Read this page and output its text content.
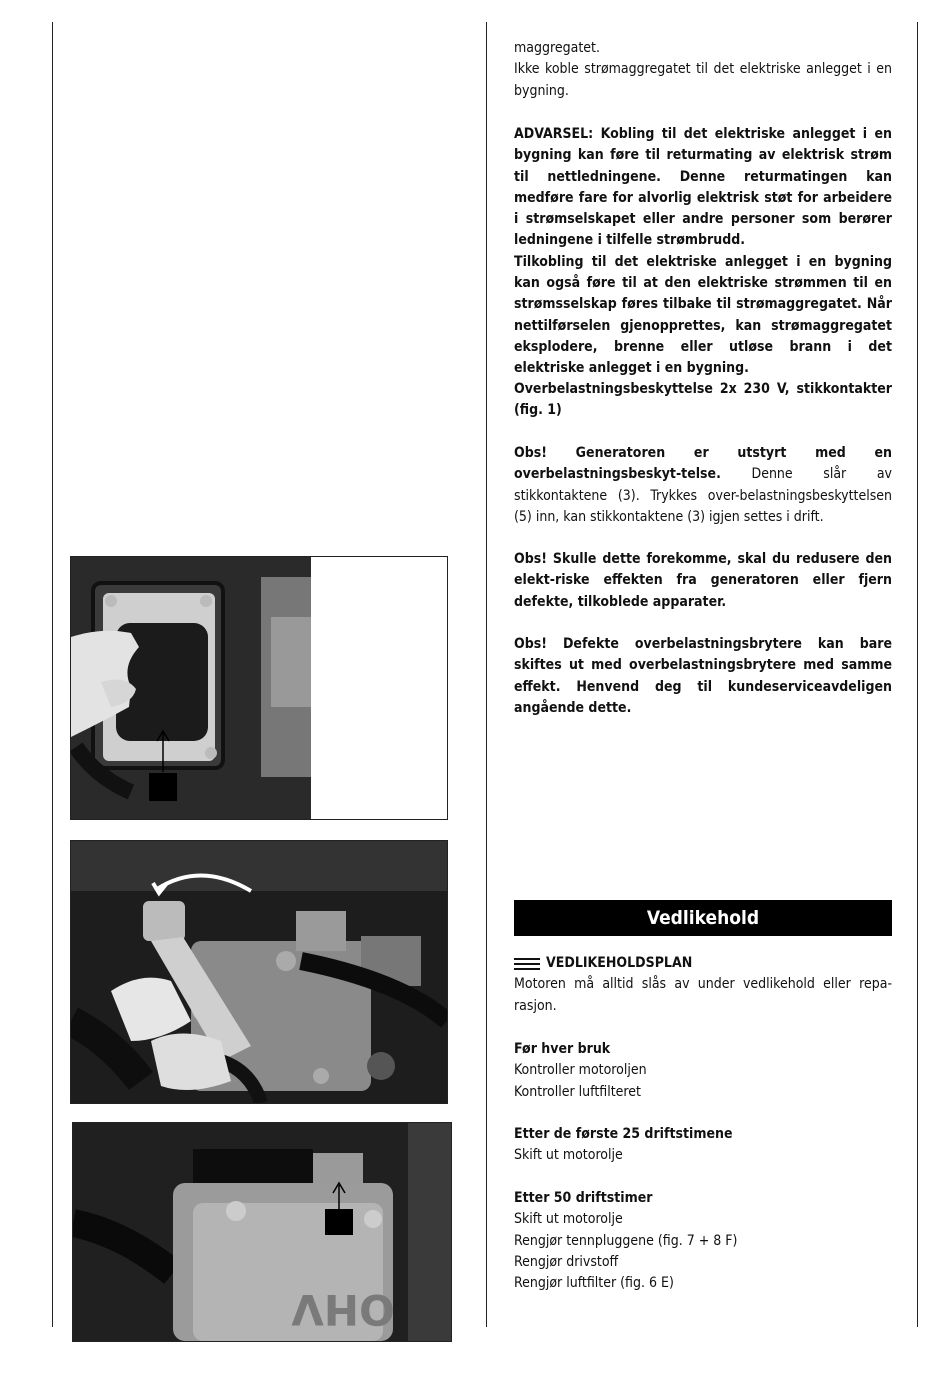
OHV

maggregatet.

Ikke koble strømaggregatet til det elektriske anlegget i en bygning.

ADVARSEL: Kobling til det elektriske anlegget i en bygning kan føre til returmating av elektrisk strøm til nettledningene. Denne returmatingen kan medføre fare for alvorlig elektrisk støt for arbeidere i strømselskapet eller andre personer som berører ledningene i tilfelle strømbrudd.

Tilkobling til det elektriske anlegget i en bygning kan også føre til at den elektriske strømmen til en strømsselskap føres tilbake til strømaggregatet. Når nettilførselen gjenopprettes, kan strømaggregatet eksplodere, brenne eller utløse brann i det elektriske anlegget i en bygning.

Overbelastningsbeskyttelse 2x 230 V, stikkontakter (fig. 1)

Obs! Generatoren er utstyrt med en overbelastningsbeskyt-telse. Denne slår av stikkontaktene (3). Trykkes over-belastningsbeskyttelsen (5) inn, kan stikkontaktene (3) igjen settes i drift.

Obs! Skulle dette forekomme, skal du redusere den elekt-riske effekten fra generatoren eller fjern defekte, tilkoblede apparater.

Obs! Defekte overbelastningsbrytere kan bare skiftes ut med overbelastningsbrytere med samme effekt. Henvend deg til kundeserviceavdeligen angående dette.

Vedlikehold
VEDLIKEHOLDSPLAN

Motoren må alltid slås av under vedlikehold eller repa-rasjon.

Før hver bruk
Kontroller motoroljen
Kontroller luftfilteret
Etter de første 25 driftstimene
Skift ut motorolje
Etter 50 driftstimer
Skift ut motorolje
Rengjør tennpluggene (fig. 7 + 8 F)
Rengjør drivstoff
Rengjør luftfilter (fig. 6 E)
